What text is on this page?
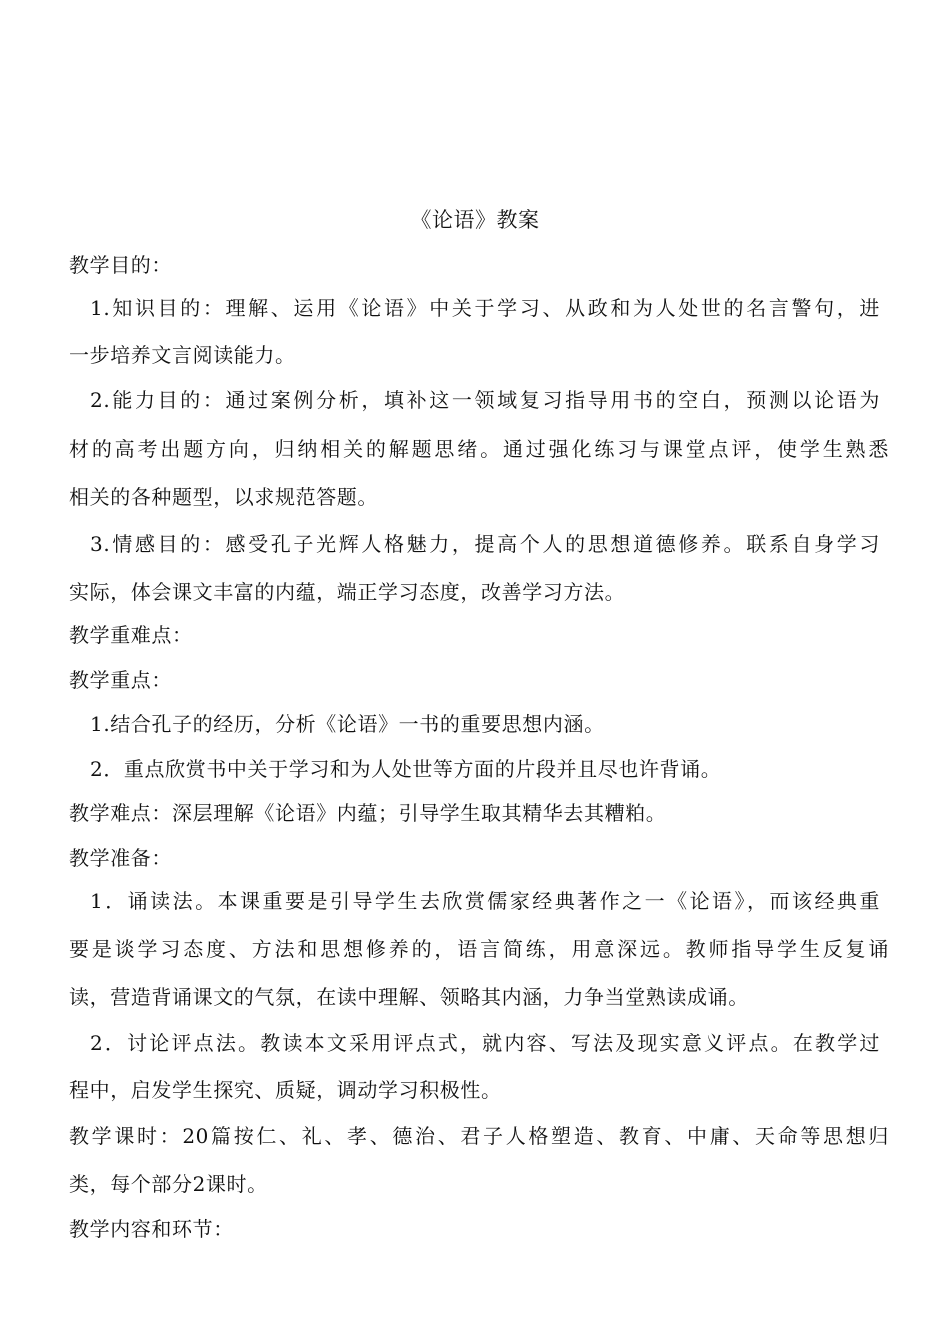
《论语》教案
教学目的：
1.知识目的：理解、运用《论语》中关于学习、从政和为人处世的名言警句，进
一步培养文言阅读能力。
2.能力目的：通过案例分析，填补这一领域复习指导用书的空白，预测以论语为
材的高考出题方向，归纳相关的解题思绪。通过强化练习与课堂点评，使学生熟悉
相关的各种题型，以求规范答题。
3.情感目的：感受孔子光辉人格魅力，提高个人的思想道德修养。联系自身学习
实际，体会课文丰富的内蕴，端正学习态度，改善学习方法。
教学重难点：
教学重点：
1.结合孔子的经历，分析《论语》一书的重要思想内涵。
2．重点欣赏书中关于学习和为人处世等方面的片段并且尽也许背诵。
教学难点：深层理解《论语》内蕴；引导学生取其精华去其糟粕。
教学准备：
1．诵读法。本课重要是引导学生去欣赏儒家经典著作之一《论语》，而该经典重
要是谈学习态度、方法和思想修养的，语言简练，用意深远。教师指导学生反复诵
读，营造背诵课文的气氛，在读中理解、领略其内涵，力争当堂熟读成诵。
2．讨论评点法。教读本文采用评点式，就内容、写法及现实意义评点。在教学过
程中，启发学生探究、质疑，调动学习积极性。
教学课时：20篇按仁、礼、孝、德治、君子人格塑造、教育、中庸、天命等思想归
类，每个部分2课时。
教学内容和环节：
